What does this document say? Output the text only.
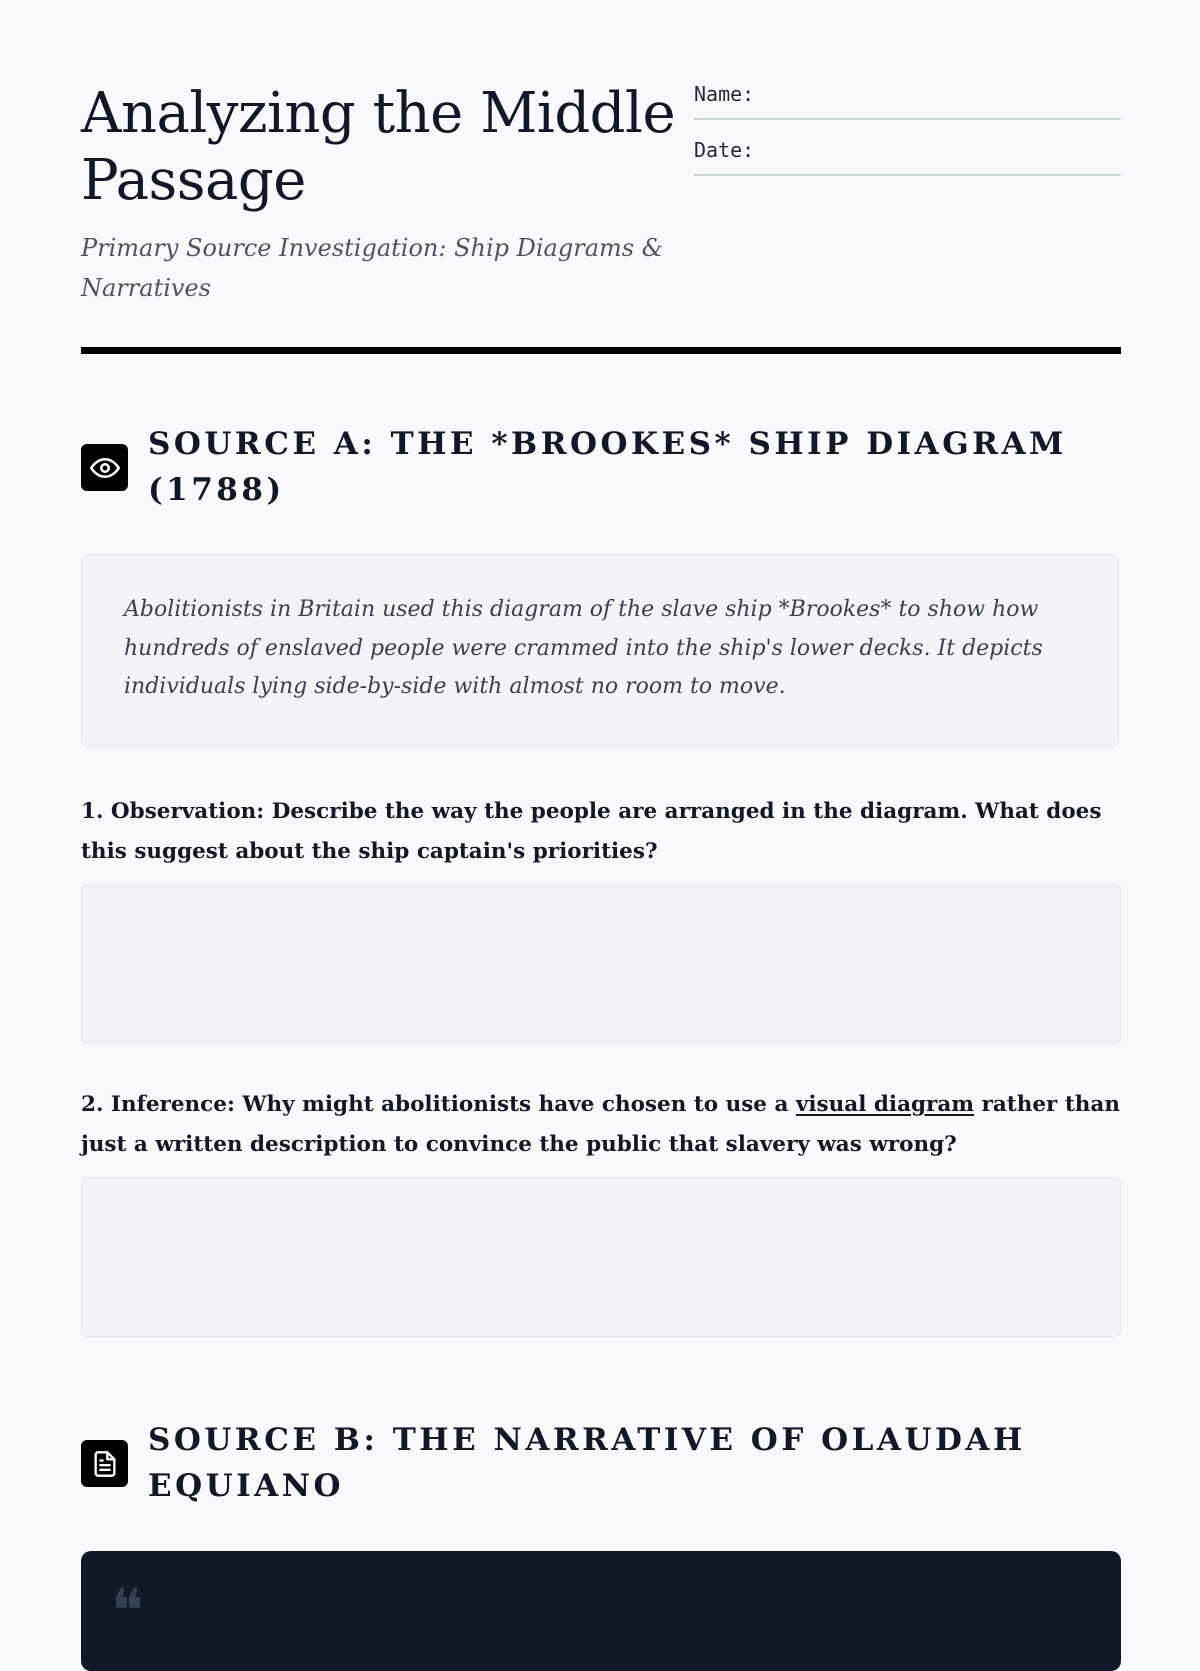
Analyzing the Middle Passage

Primary Source Investigation: Ship Diagrams & Narratives

Name:
Date:
SOURCE A: THE *BROOKES* SHIP DIAGRAM (1788)

Abolitionists in Britain used this diagram of the slave ship *Brookes* to show how hundreds of enslaved people were crammed into the ship's lower decks. It depicts individuals lying side-by-side with almost no room to move.

1. Observation: Describe the way the people are arranged in the diagram. What does this suggest about the ship captain's priorities?

2. Inference: Why might abolitionists have chosen to use a visual diagram rather than just a written description to convince the public that slavery was wrong?

SOURCE B: THE NARRATIVE OF OLAUDAH EQUIANO
❝
